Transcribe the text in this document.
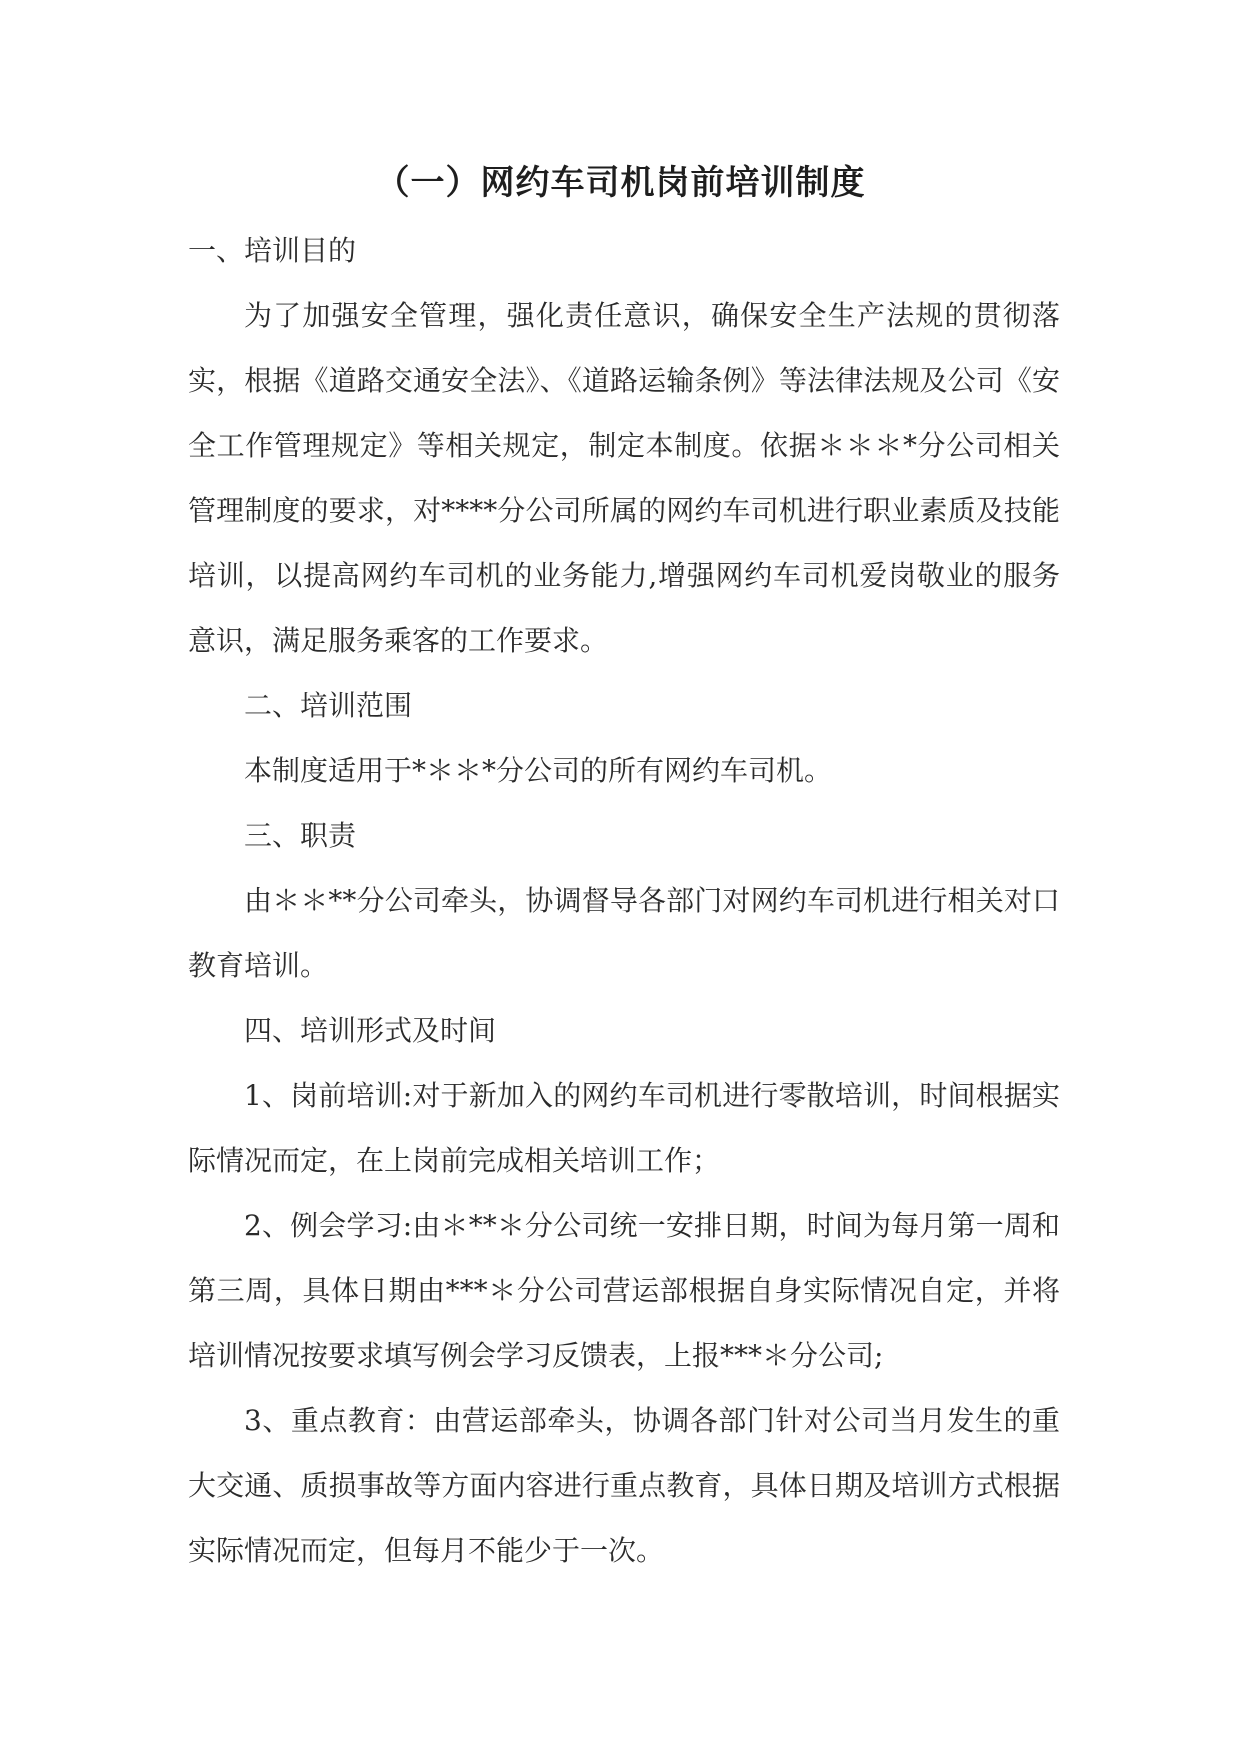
（一）网约车司机岗前培训制度

一、培训目的

为了加强安全管理，强化责任意识，确保安全生产法规的贯彻落实，根据《道路交通安全法》、《道路运输条例》等法律法规及公司《安全工作管理规定》等相关规定，制定本制度。依据＊＊＊*分公司相关管理制度的要求，对****分公司所属的网约车司机进行职业素质及技能培训，以提高网约车司机的业务能力,增强网约车司机爱岗敬业的服务意识，满足服务乘客的工作要求。

二、培训范围

本制度适用于*＊＊*分公司的所有网约车司机。

三、职责

由＊＊**分公司牵头，协调督导各部门对网约车司机进行相关对口教育培训。

四、培训形式及时间

1、岗前培训:对于新加入的网约车司机进行零散培训，时间根据实际情况而定，在上岗前完成相关培训工作；

2、例会学习:由＊**＊分公司统一安排日期，时间为每月第一周和第三周，具体日期由***＊分公司营运部根据自身实际情况自定，并将培训情况按要求填写例会学习反馈表，上报***＊分公司;

3、重点教育：由营运部牵头，协调各部门针对公司当月发生的重大交通、质损事故等方面内容进行重点教育，具体日期及培训方式根据实际情况而定，但每月不能少于一次。
